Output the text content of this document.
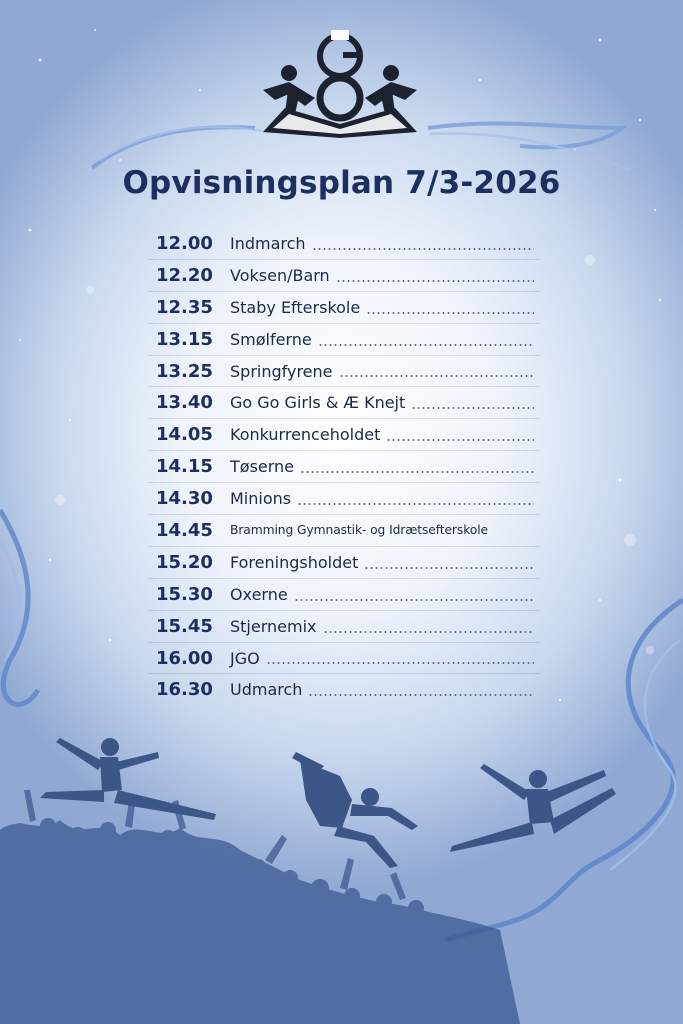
G
Opvisningsplan 7/3-2026
12.00	Indmarch
12.20	Voksen/Barn
12.35	Staby Efterskole
13.15	Smølferne
13.25	Springfyrene
13.40	Go Go Girls & Æ Knejt
14.05	Konkurrenceholdet
14.15	Tøserne
14.30	Minions
14.45	Bramming Gymnastik- og Idrætsefterskole
15.20	Foreningsholdet
15.30	Oxerne
15.45	Stjernemix
16.00	JGO
16.30	Udmarch
